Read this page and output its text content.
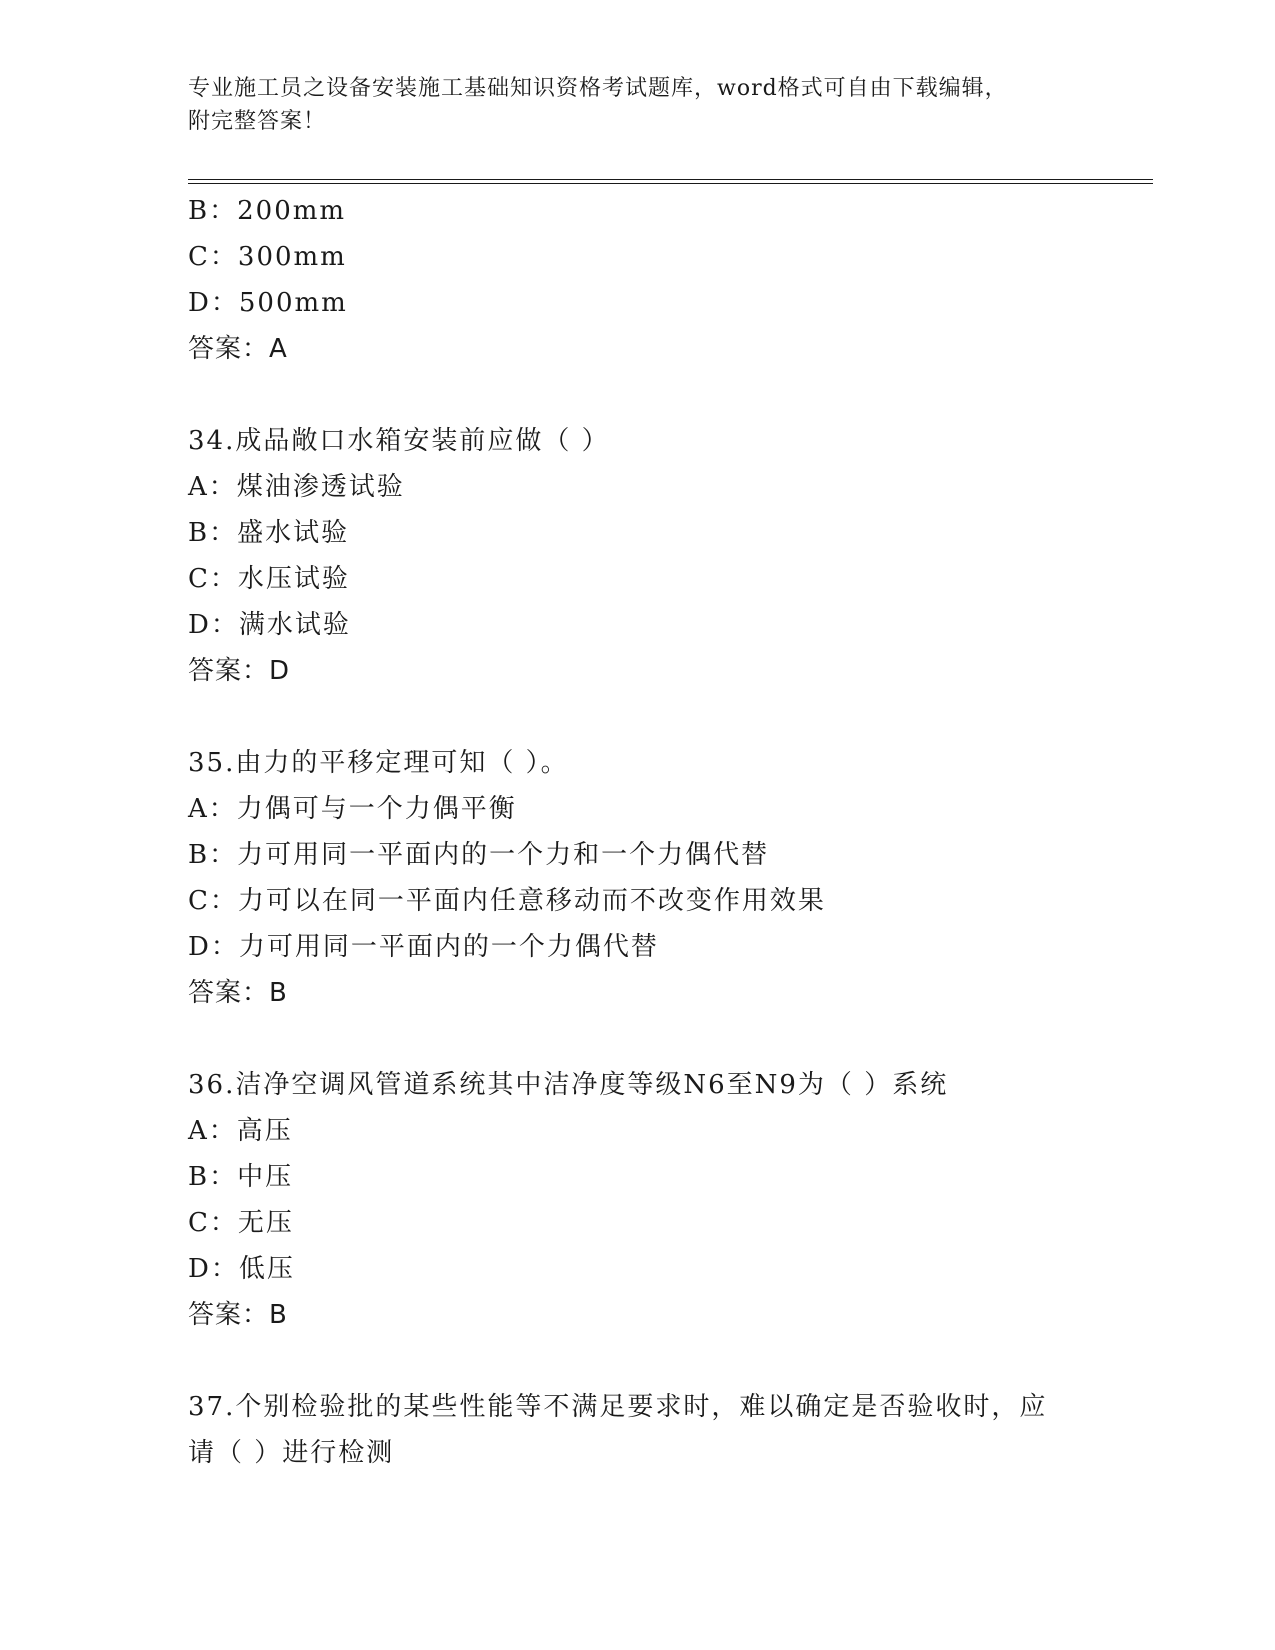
专业施工员之设备安装施工基础知识资格考试题库，word格式可自由下载编辑，
附完整答案！
B：200mm
C：300mm
D：500mm
答案：A
34.成品敞口水箱安装前应做（ ）
A：煤油渗透试验
B：盛水试验
C：水压试验
D：满水试验
答案：D
35.由力的平移定理可知（ ）。
A：力偶可与一个力偶平衡
B：力可用同一平面内的一个力和一个力偶代替
C：力可以在同一平面内任意移动而不改变作用效果
D：力可用同一平面内的一个力偶代替
答案：B
36.洁净空调风管道系统其中洁净度等级N6至N9为（ ）系统
A：高压
B：中压
C：无压
D：低压
答案：B
37.个别检验批的某些性能等不满足要求时，难以确定是否验收时，应
请（ ）进行检测
